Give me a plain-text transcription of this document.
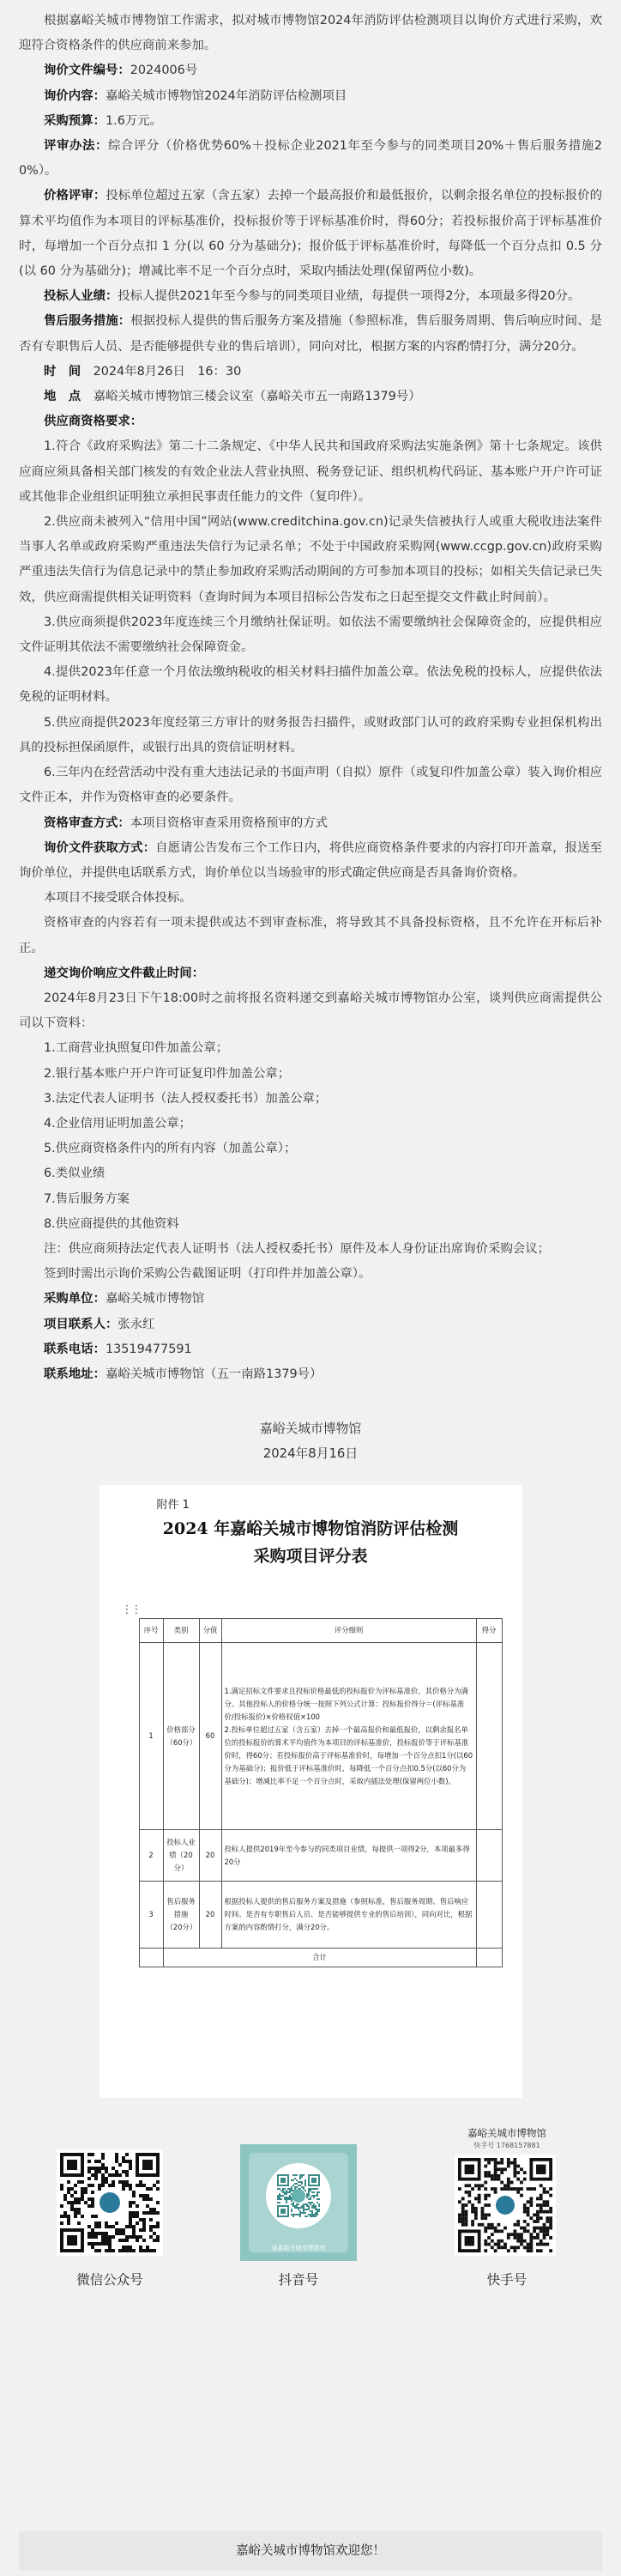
根据嘉峪关城市博物馆工作需求，拟对城市博物馆2024年消防评估检测项目以询价方式进行采购，欢迎符合资格条件的供应商前来参加。

询价文件编号：2024006号

询价内容：嘉峪关城市博物馆2024年消防评估检测项目

采购预算：1.6万元。

评审办法：综合评分（价格优势60%＋投标企业2021年至今参与的同类项目20%＋售后服务措施20%）。

价格评审：投标单位超过五家（含五家）去掉一个最高报价和最低报价，以剩余报名单位的投标报价的算术平均值作为本项目的评标基准价，投标报价等于评标基准价时，得60分；若投标报价高于评标基准价时，每增加一个百分点扣 1 分(以 60 分为基础分)；报价低于评标基准价时，每降低一个百分点扣 0.5 分(以 60 分为基础分)；增减比率不足一个百分点时，采取内插法处理(保留两位小数)。

投标人业绩：投标人提供2021年至今参与的同类项目业绩，每提供一项得2分，本项最多得20分。

售后服务措施：根据投标人提供的售后服务方案及措施（参照标准，售后服务周期、售后响应时间、是否有专职售后人员、是否能够提供专业的售后培训），同向对比，根据方案的内容酌情打分，满分20分。

时　间　 2024年8月26日　16：30

地　点　 嘉峪关城市博物馆三楼会议室（嘉峪关市五一南路1379号）

供应商资格要求：

1.符合《政府采购法》第二十二条规定、《中华人民共和国政府采购法实施条例》第十七条规定。该供应商应须具备相关部门核发的有效企业法人营业执照、税务登记证、组织机构代码证、基本账户开户许可证或其他非企业组织证明独立承担民事责任能力的文件（复印件）。

2.供应商未被列入“信用中国”网站(www.creditchina.gov.cn)记录失信被执行人或重大税收违法案件当事人名单或政府采购严重违法失信行为记录名单；不处于中国政府采购网(www.ccgp.gov.cn)政府采购严重违法失信行为信息记录中的禁止参加政府采购活动期间的方可参加本项目的投标；如相关失信记录已失效，供应商需提供相关证明资料（查询时间为本项目招标公告发布之日起至提交文件截止时间前）。

3.供应商须提供2023年度连续三个月缴纳社保证明。如依法不需要缴纳社会保障资金的，应提供相应文件证明其依法不需要缴纳社会保障资金。

4.提供2023年任意一个月依法缴纳税收的相关材料扫描件加盖公章。依法免税的投标人，应提供依法免税的证明材料。

5.供应商提供2023年度经第三方审计的财务报告扫描件，或财政部门认可的政府采购专业担保机构出具的投标担保函原件，或银行出具的资信证明材料。

6.三年内在经营活动中没有重大违法记录的书面声明（自拟）原件（或复印件加盖公章）装入询价相应文件正本，并作为资格审查的必要条件。

资格审查方式：本项目资格审查采用资格预审的方式

询价文件获取方式：自愿请公告发布三个工作日内，将供应商资格条件要求的内容打印开盖章，报送至询价单位，并提供电话联系方式，询价单位以当场验审的形式确定供应商是否具备询价资格。

本项目不接受联合体投标。

资格审查的内容若有一项未提供或达不到审查标准，将导致其不具备投标资格，且不允许在开标后补正。

递交询价响应文件截止时间：

2024年8月23日下午18:00时之前将报名资料递交到嘉峪关城市博物馆办公室，谈判供应商需提供公司以下资料：

1.工商营业执照复印件加盖公章；

2.银行基本账户开户许可证复印件加盖公章；

3.法定代表人证明书（法人授权委托书）加盖公章；

4.企业信用证明加盖公章；

5.供应商资格条件内的所有内容（加盖公章）；

6.类似业绩

7.售后服务方案

8.供应商提供的其他资料

注：供应商须持法定代表人证明书（法人授权委托书）原件及本人身份证出席询价采购会议；

签到时需出示询价采购公告截图证明（打印件并加盖公章）。

采购单位：嘉峪关城市博物馆

项目联系人：张永红

联系电话：13519477591

联系地址：嘉峪关城市博物馆（五一南路1379号）

嘉峪关城市博物馆
2024年8月16日
附件 1
⋮⋮
2024 年嘉峪关城市博物馆消防评估检测
采购项目评分表
序号	类别	分值	评分细则	得分
1	价格部分（60分）	60	1.满足招标文件要求且投标价格最低的投标报价为评标基准价，其价格分为满分。其他投标人的价格分统一按照下列公式计算：投标报价得分＝(评标基准价/投标报价)×价格权值×100
2.投标单位超过五家（含五家）去掉一个最高报价和最低报价，以剩余报名单位的投标报价的算术平均值作为本项目的评标基准价，投标报价等于评标基准价时，得60分；若投标报价高于评标基准价时，每增加一个百分点扣1分(以60分为基础分)；报价低于评标基准价时，每降低一个百分点扣0.5分(以60分为基础分)；增减比率不足一个百分点时，采取内插法处理(保留两位小数)。	
2	投标人业绩（20分）	20	投标人提供2019年至今参与的同类项目业绩，每提供一项得2分，本项最多得20分	
3	售后服务措施（20分）	20	根据投标人提供的售后服务方案及措施（参照标准，售后服务周期、售后响应时间、是否有专职售后人员、是否能够提供专业的售后培训），同向对比，根据方案的内容酌情打分，满分20分。	
	合计			
微信公众号
@嘉峪关城市博物馆
抖音号
嘉峪关城市博物馆
快手号 1768157881
快手号
嘉峪关城市博物馆欢迎您！
